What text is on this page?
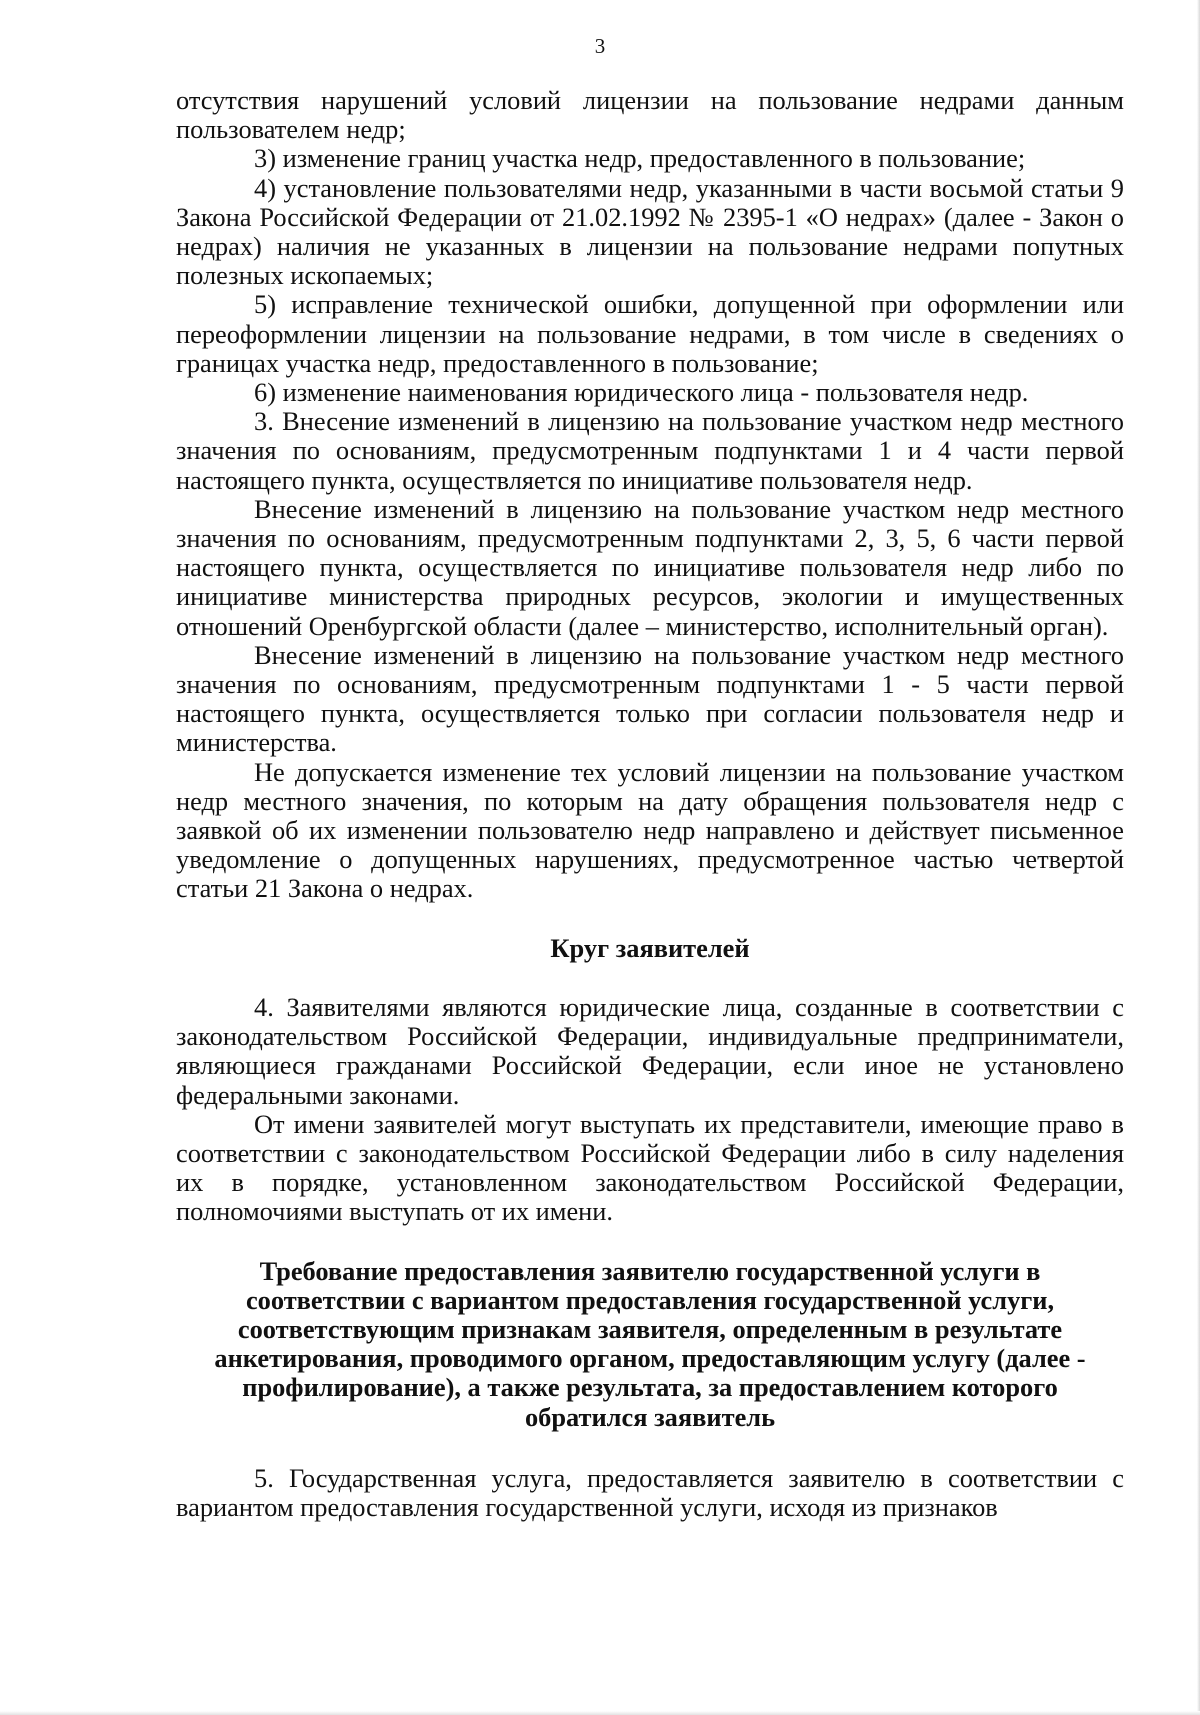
3

отсутствия нарушений условий лицензии на пользование недрами данным пользователем недр;

3) изменение границ участка недр, предоставленного в пользование;

4) установление пользователями недр, указанными в части восьмой статьи 9 Закона Российской Федерации от 21.02.1992 № 2395-1 «О недрах» (далее - Закон о недрах) наличия не указанных в лицензии на пользование недрами попутных полезных ископаемых;

5) исправление технической ошибки, допущенной при оформлении или переоформлении лицензии на пользование недрами, в том числе в сведениях о границах участка недр, предоставленного в пользование;

6) изменение наименования юридического лица - пользователя недр.

3. Внесение изменений в лицензию на пользование участком недр местного значения по основаниям, предусмотренным подпунктами 1 и 4 части первой настоящего пункта, осуществляется по инициативе пользователя недр.

Внесение изменений в лицензию на пользование участком недр местного значения по основаниям, предусмотренным подпунктами 2, 3, 5, 6 части первой настоящего пункта, осуществляется по инициативе пользователя недр либо по инициативе министерства природных ресурсов, экологии и имущественных отношений Оренбургской области (далее – министерство, исполнительный орган).

Внесение изменений в лицензию на пользование участком недр местного значения по основаниям, предусмотренным подпунктами 1 - 5 части первой настоящего пункта, осуществляется только при согласии пользователя недр и министерства.

Не допускается изменение тех условий лицензии на пользование участком недр местного значения, по которым на дату обращения пользователя недр с заявкой об их изменении пользователю недр направлено и действует письменное уведомление о допущенных нарушениях, предусмотренное частью четвертой статьи 21 Закона о недрах.

Круг заявителей

4. Заявителями являются юридические лица, созданные в соответствии с законодательством Российской Федерации, индивидуальные предприниматели, являющиеся гражданами Российской Федерации, если иное не установлено федеральными законами.

От имени заявителей могут выступать их представители, имеющие право в соответствии с законодательством Российской Федерации либо в силу наделения их в порядке, установленном законодательством Российской Федерации, полномочиями выступать от их имени.

Требование предоставления заявителю государственной услуги в соответствии с вариантом предоставления государственной услуги, соответствующим признакам заявителя, определенным в результате анкетирования, проводимого органом, предоставляющим услугу (далее - профилирование), а также результата, за предоставлением которого обратился заявитель

5. Государственная услуга, предоставляется заявителю в соответствии с вариантом предоставления государственной услуги, исходя из признаков
